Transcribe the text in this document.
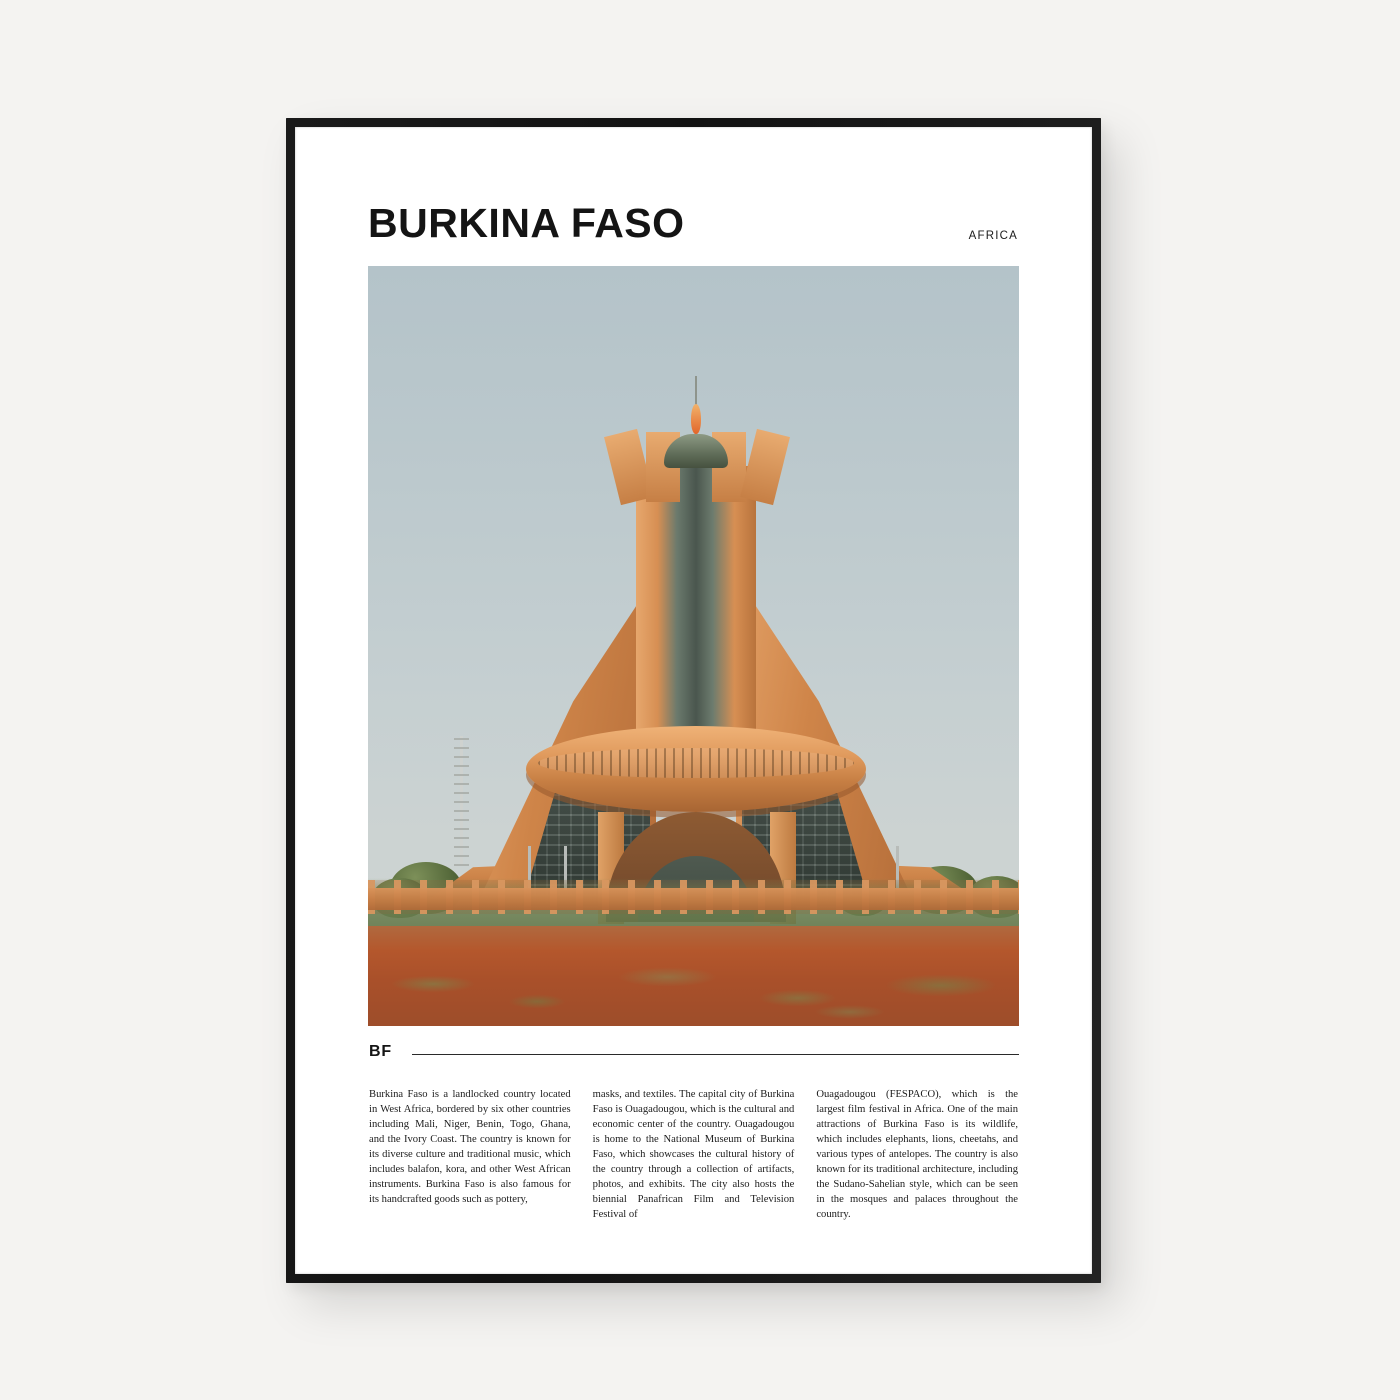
BURKINA FASO	AFRICA
BF
Burkina Faso is a landlocked country located in West Africa, bordered by six other countries including Mali, Niger, Benin, Togo, Ghana, and the Ivory Coast. The country is known for its diverse culture and traditional music, which includes balafon, kora, and other West African instruments. Burkina Faso is also famous for its handcrafted goods such as pottery,
masks, and textiles. The capital city of Burkina Faso is Ouagadougou, which is the cultural and economic center of the country. Ouagadougou is home to the National Museum of Burkina Faso, which showcases the cultural history of the country through a collection of artifacts, photos, and exhibits. The city also hosts the biennial Panafrican Film and Television Festival of
Ouagadougou (FESPACO), which is the largest film festival in Africa. One of the main attractions of Burkina Faso is its wildlife, which includes elephants, lions, cheetahs, and various types of antelopes. The country is also known for its traditional architecture, including the Sudano-Sahelian style, which can be seen in the mosques and palaces throughout the country.
